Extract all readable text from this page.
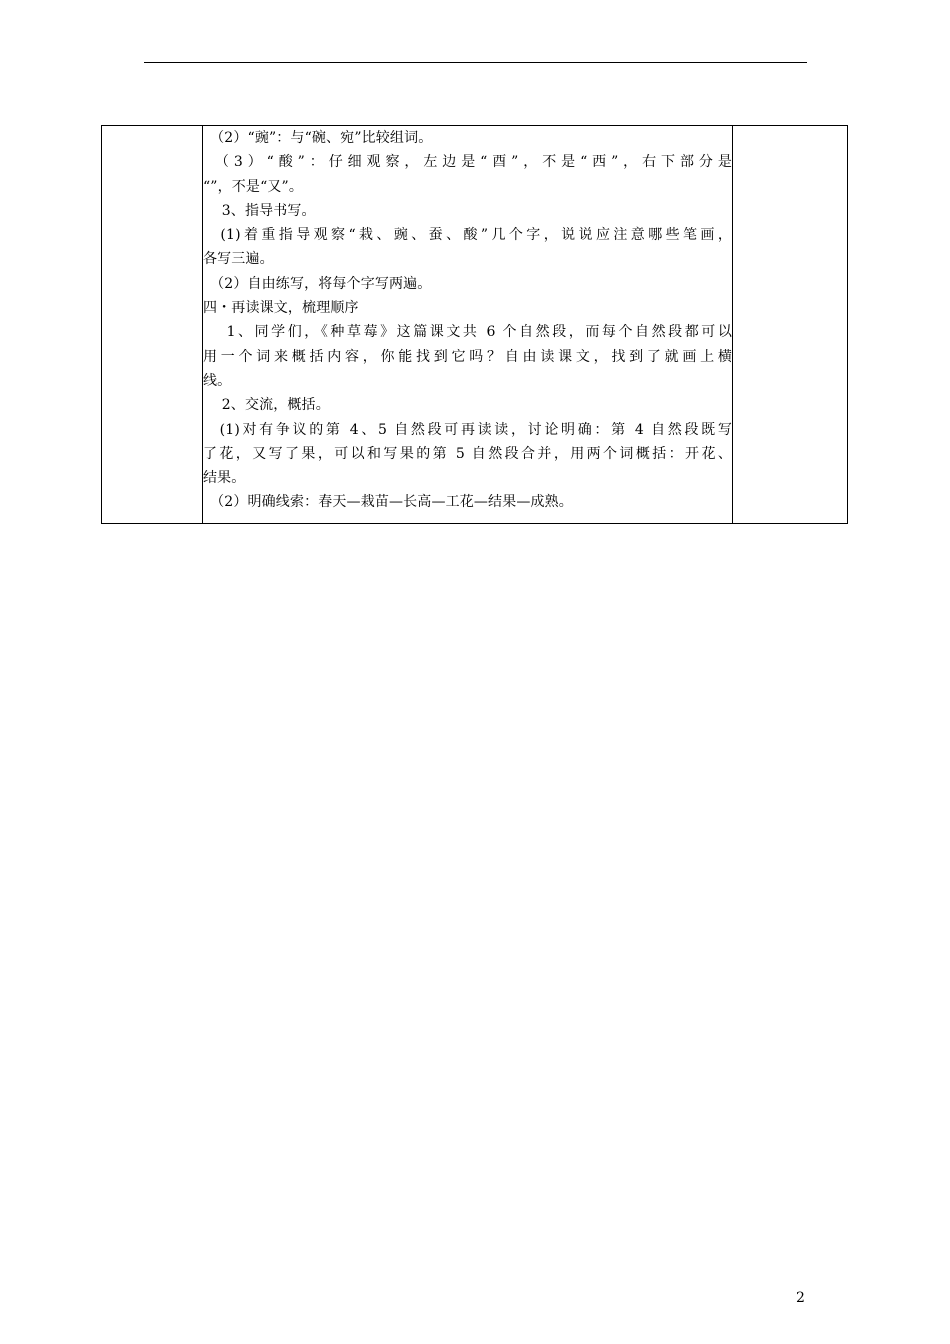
　（2）“豌”：与“碗、宛”比较组词。
　（3）“酸”：仔细观察，左边是“酉”，不是“西”，右下部分是
“”，不是“又”。
　 3、指导书写。
　(1)着重指导观察“栽、豌、蚕、酸”几个字，说说应注意哪些笔画，
各写三遍。
　（2）自由练写，将每个字写两遍。
四・再读课文，梳理顺序
　 1、同学们，《种草莓》这篇课文共 6 个自然段，而每个自然段都可以
用一个词来概括内容，你能找到它吗？自由读课文，找到了就画上横
线。
　 2、交流，概括。
　(1)对有争议的第 4、5 自然段可再读读，讨论明确：第 4 自然段既写
了花，又写了果，可以和写果的第 5 自然段合并，用两个词概括：开花、
结果。
　（2）明确线索：春天—栽苗—长高—工花—结果—成熟。

2
